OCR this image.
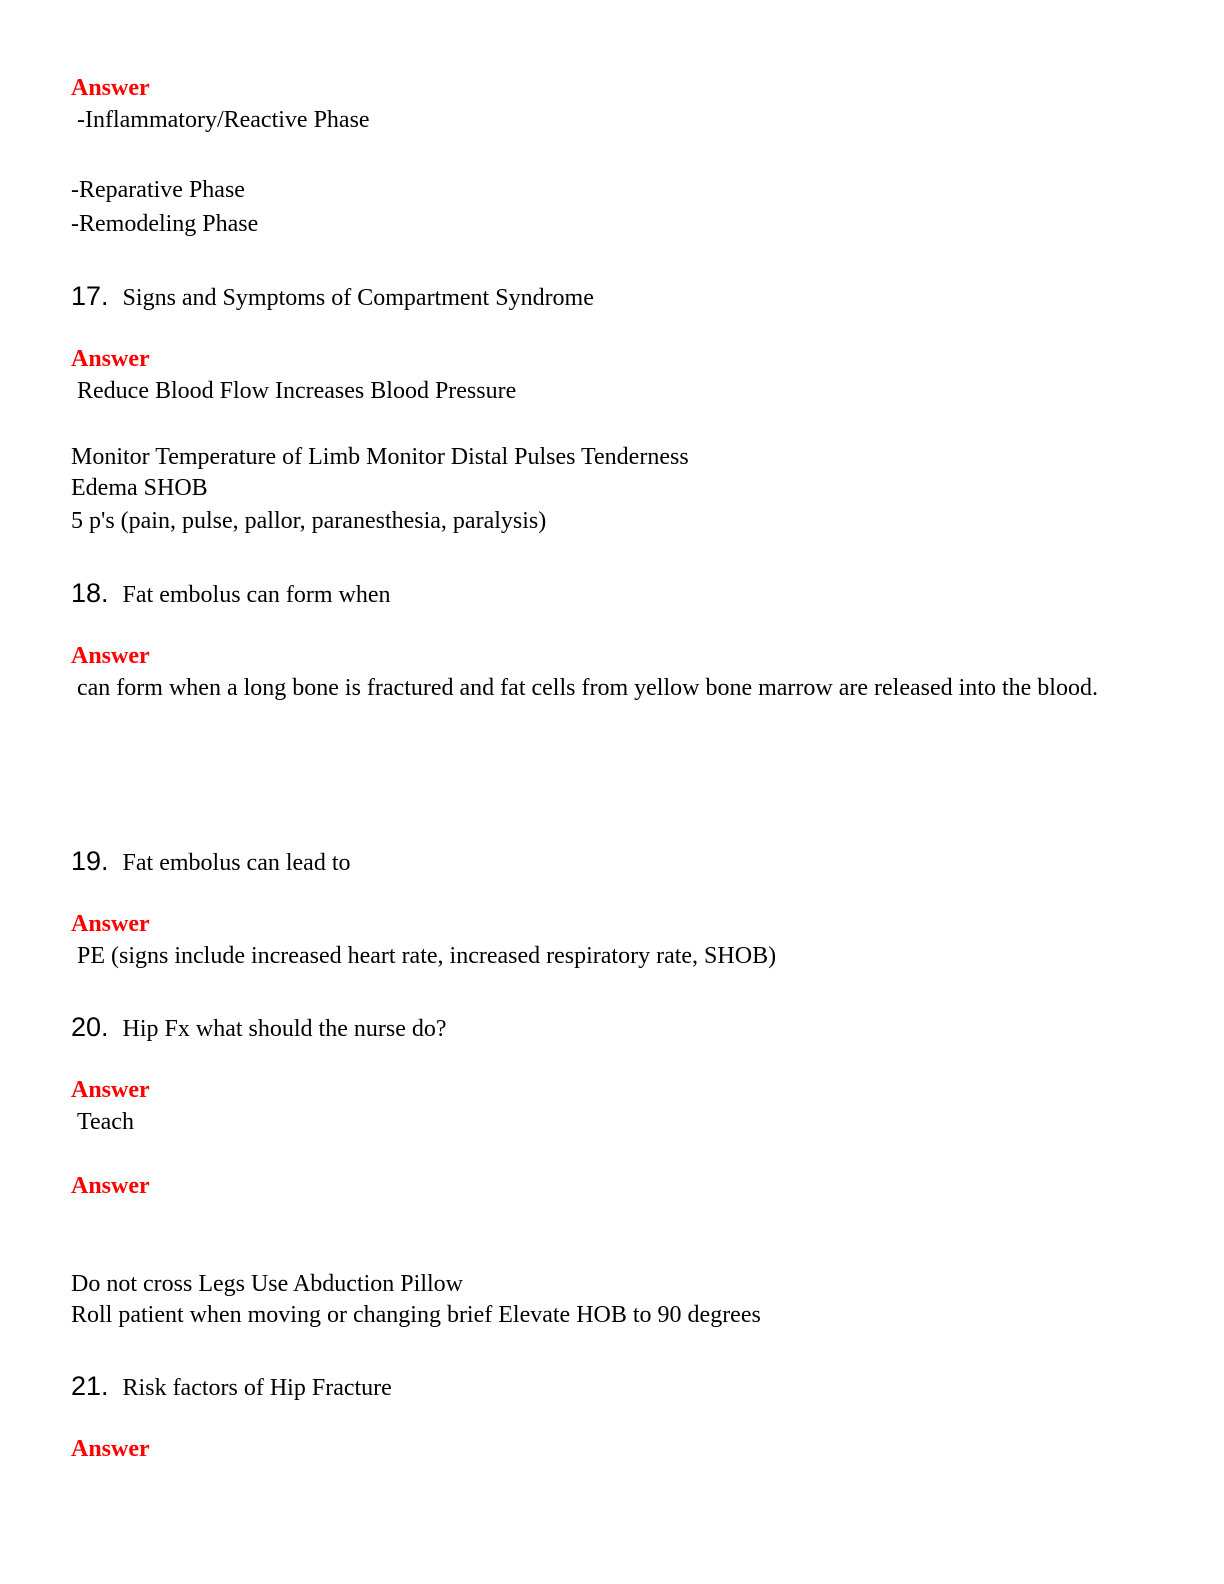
Answer
-Inflammatory/Reactive Phase
-Reparative Phase
-Remodeling Phase
17. Signs and Symptoms of Compartment Syndrome
Answer
Reduce Blood Flow Increases Blood Pressure
Monitor Temperature of Limb Monitor Distal Pulses Tenderness
Edema SHOB
5 p's (pain, pulse, pallor, paranesthesia, paralysis)
18. Fat embolus can form when
Answer
can form when a long bone is fractured and fat cells from yellow bone marrow are released into the blood.
19. Fat embolus can lead to
Answer
PE (signs include increased heart rate, increased respiratory rate, SHOB)
20. Hip Fx what should the nurse do?
Answer
Teach
Answer
Do not cross Legs Use Abduction Pillow
Roll patient when moving or changing brief Elevate HOB to 90 degrees
21. Risk factors of Hip Fracture
Answer
